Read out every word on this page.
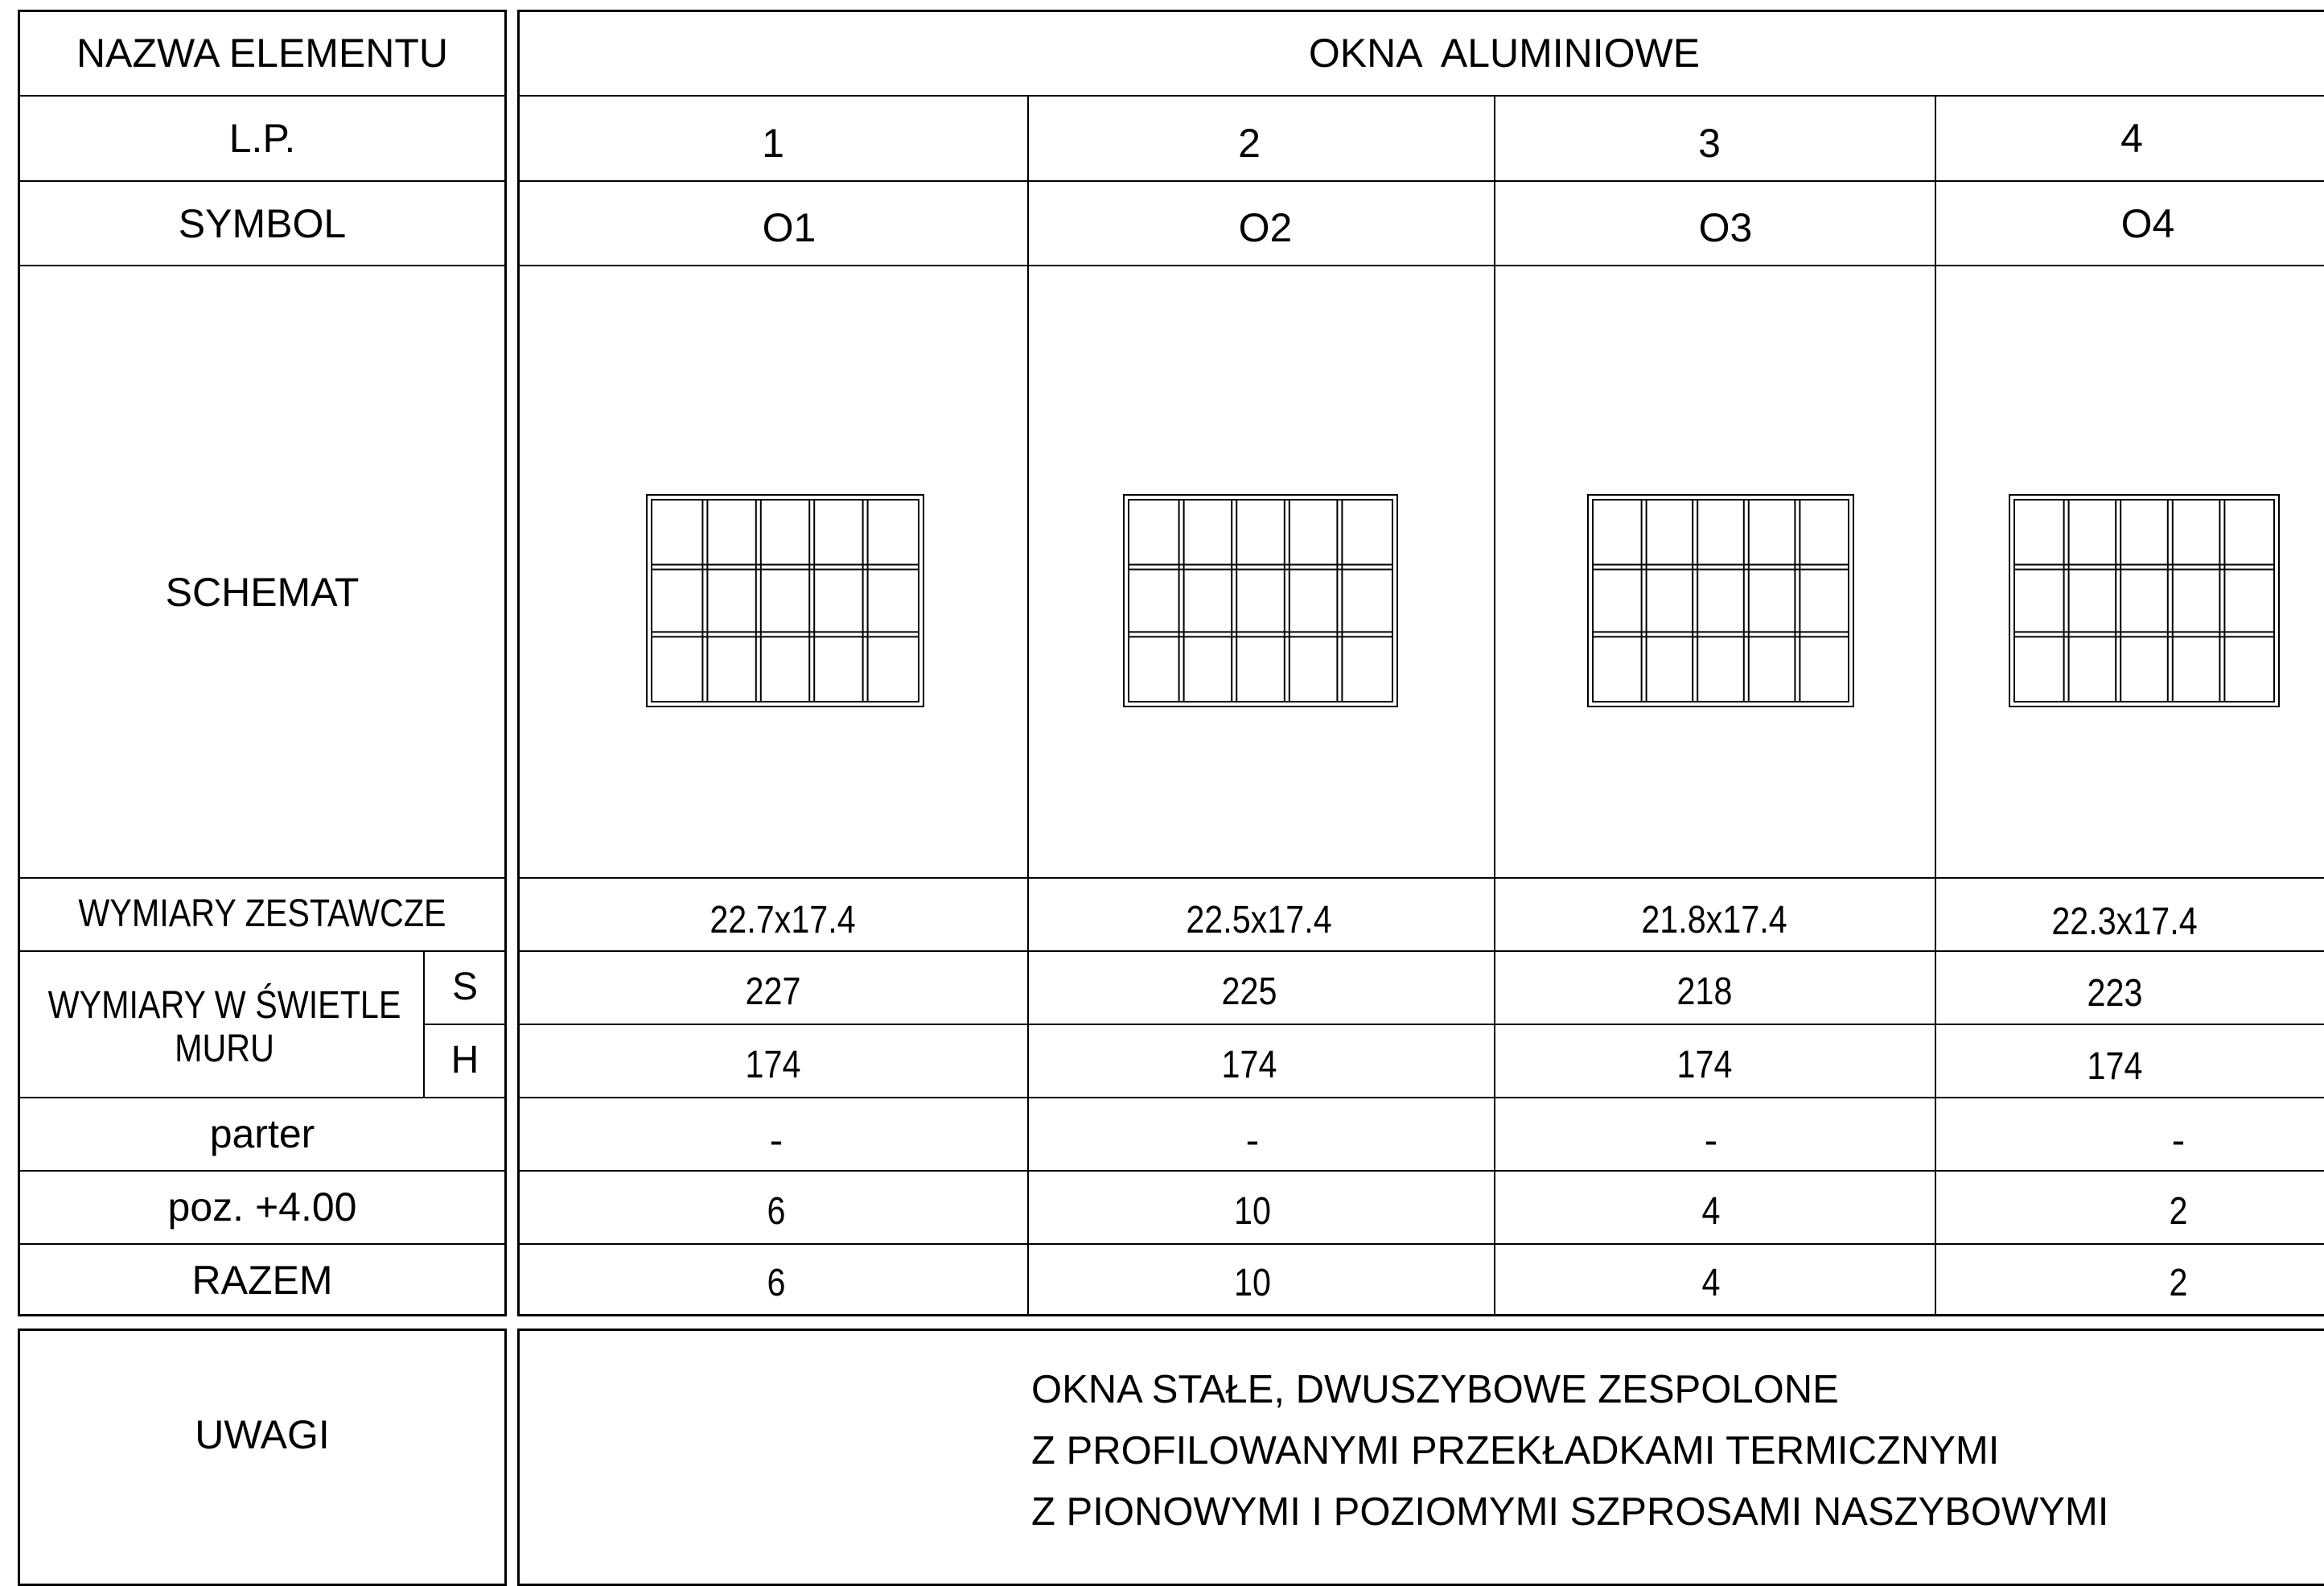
NAZWA ELEMENTU
L.P.
SYMBOL
SCHEMAT
WYMIARY ZESTAWCZE
WYMIARY W ŚWIETLE
MURU
S
H
parter
poz. +4.00
RAZEM
UWAGI
OKNA  ALUMINIOWE
1
O1
22.7x17.4
227
174
-
6
6
2
O2
22.5x17.4
225
174
-
10
10
3
O3
21.8x17.4
218
174
-
4
4
4
O4
22.3x17.4
223
174
-
2
2
OKNA STAŁE, DWUSZYBOWE ZESPOLONE
Z PROFILOWANYMI PRZEKŁADKAMI TERMICZNYMI
Z PIONOWYMI I POZIOMYMI SZPROSAMI NASZYBOWYMI
